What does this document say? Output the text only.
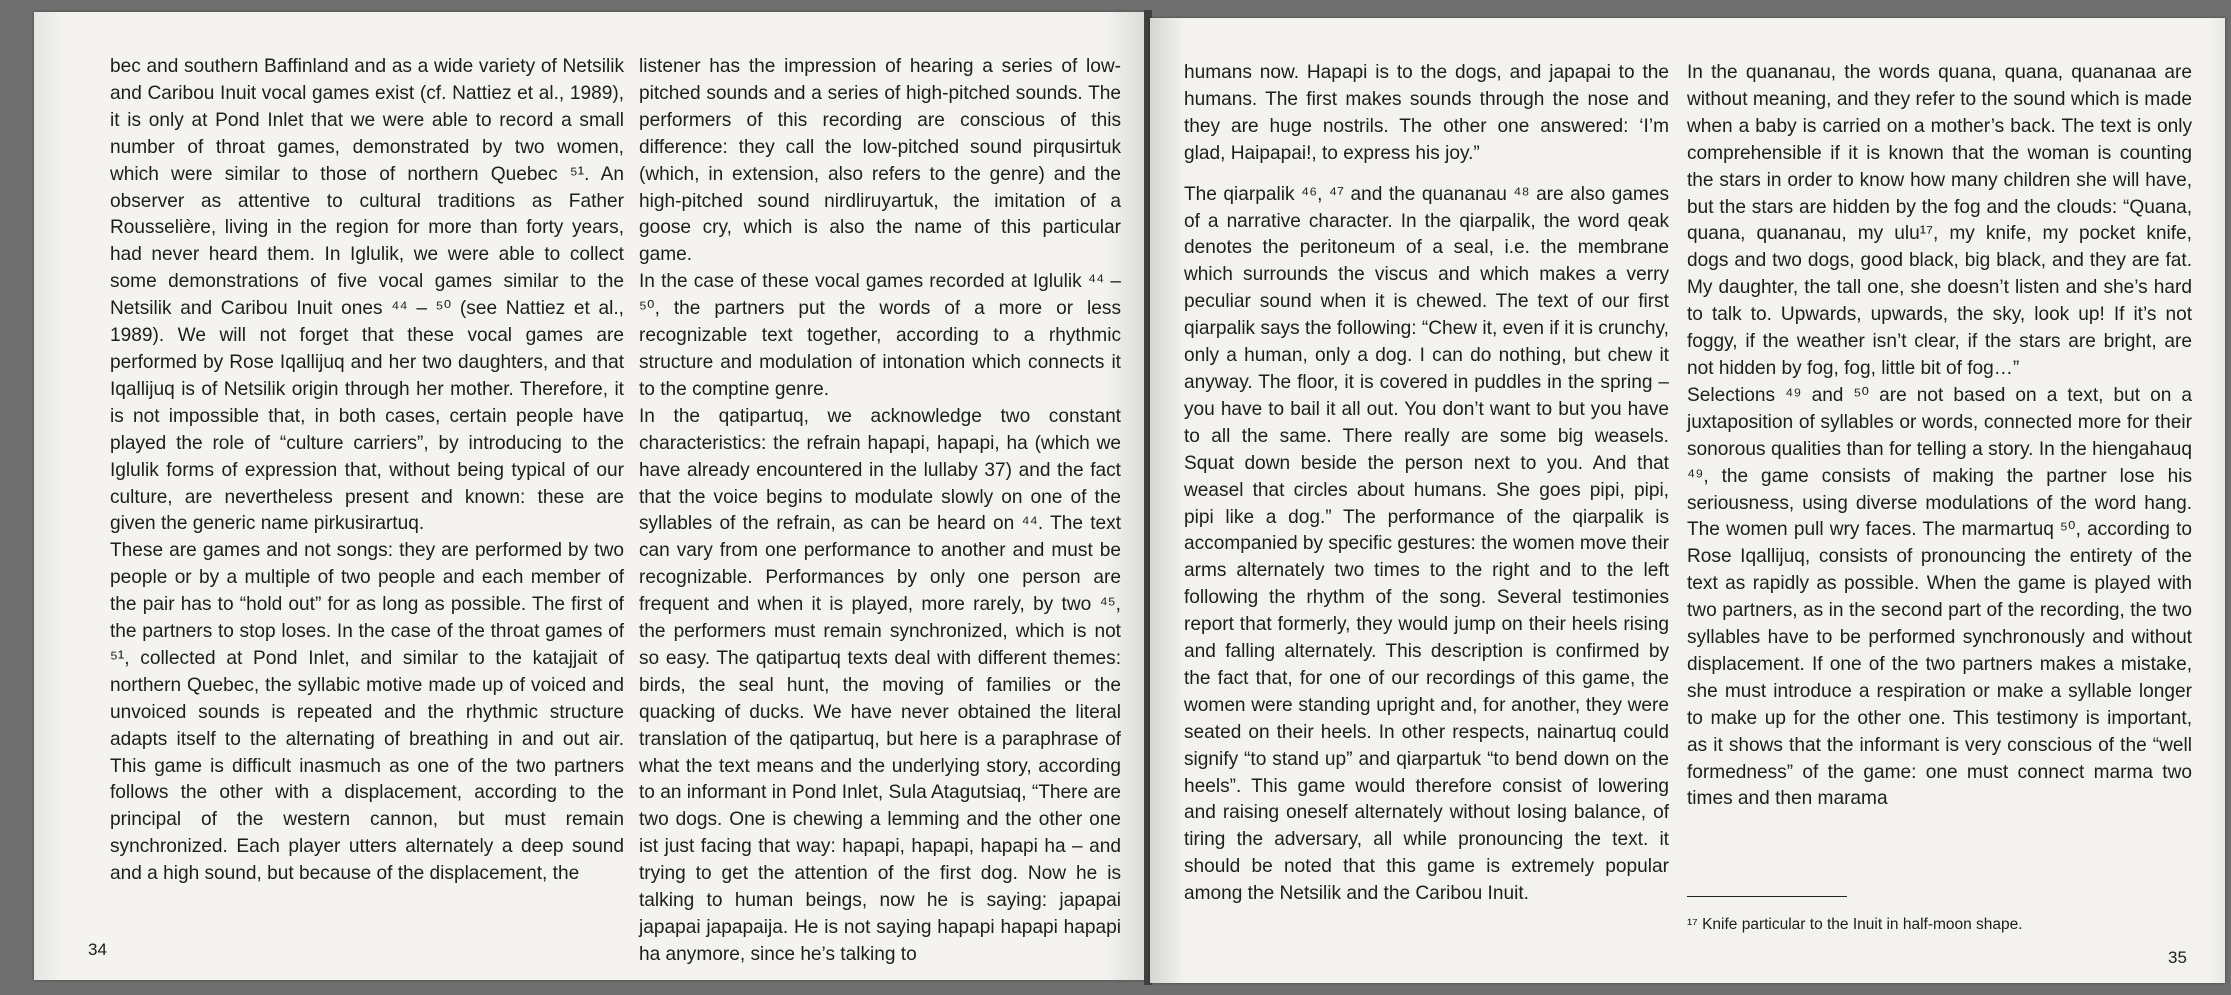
bec and southern Baffinland and as a wide variety of Netsilik and Caribou Inuit vocal games exist (cf. Nattiez et al., 1989), it is only at Pond Inlet that we were able to record a small number of throat games, demonstrated by two women, which were similar to those of northern Quebec ⁵¹. An observer as attentive to cultural traditions as Father Rousselière, living in the region for more than forty years, had never heard them. In Iglulik, we were able to collect some demonstrations of five vocal games similar to the Netsilik and Caribou Inuit ones ⁴⁴ – ⁵⁰ (see Nattiez et al., 1989). We will not forget that these vocal games are performed by Rose Iqallijuq and her two daughters, and that Iqallijuq is of Netsilik origin through her mother. Therefore, it is not impossible that, in both cases, certain people have played the role of “culture carriers”, by introducing to the Iglulik forms of expression that, without being typical of our culture, are nevertheless present and known: these are given the generic name pirkusirartuq.

These are games and not songs: they are performed by two people or by a multiple of two people and each member of the pair has to “hold out” for as long as possible. The first of the partners to stop loses. In the case of the throat games of ⁵¹, collected at Pond Inlet, and similar to the katajjait of northern Quebec, the syllabic motive made up of voiced and unvoiced sounds is repeated and the rhythmic structure adapts itself to the alternating of breathing in and out air. This game is difficult inasmuch as one of the two partners follows the other with a displacement, according to the principal of the western cannon, but must remain synchronized. Each player utters alternately a deep sound and a high sound, but because of the displacement, the

listener has the impression of hearing a series of low-pitched sounds and a series of high-pitched sounds. The performers of this recording are conscious of this difference: they call the low-pitched sound pirqusirtuk (which, in extension, also refers to the genre) and the high-pitched sound nirdliruyartuk, the imitation of a goose cry, which is also the name of this particular game.

In the case of these vocal games recorded at Iglulik ⁴⁴ – ⁵⁰, the partners put the words of a more or less recognizable text together, according to a rhythmic structure and modulation of intonation which connects it to the comptine genre.

In the qatipartuq, we acknowledge two constant characteristics: the refrain hapapi, hapapi, ha (which we have already encountered in the lullaby 37) and the fact that the voice begins to modulate slowly on one of the syllables of the refrain, as can be heard on ⁴⁴. The text can vary from one performance to another and must be recognizable. Performances by only one person are frequent and when it is played, more rarely, by two ⁴⁵, the performers must remain synchronized, which is not so easy. The qatipartuq texts deal with different themes: birds, the seal hunt, the moving of families or the quacking of ducks. We have never obtained the literal translation of the qatipartuq, but here is a paraphrase of what the text means and the underlying story, according to an informant in Pond Inlet, Sula Atagutsiaq, “There are two dogs. One is chewing a lemming and the other one ist just facing that way: hapapi, hapapi, hapapi ha – and trying to get the attention of the first dog. Now he is talking to human beings, now he is saying: japapai japapai japapaija. He is not saying hapapi hapapi hapapi ha anymore, since he’s talking to

34

humans now. Hapapi is to the dogs, and japapai to the humans. The first makes sounds through the nose and they are huge nostrils. The other one answered: ‘I’m glad, Haipapai!, to express his joy.”

The qiarpalik ⁴⁶, ⁴⁷ and the quananau ⁴⁸ are also games of a narrative character. In the qiarpalik, the word qeak denotes the peritoneum of a seal, i.e. the membrane which surrounds the viscus and which makes a verry peculiar sound when it is chewed. The text of our first qiarpalik says the following: “Chew it, even if it is crunchy, only a human, only a dog. I can do nothing, but chew it anyway. The floor, it is covered in puddles in the spring – you have to bail it all out. You don’t want to but you have to all the same. There really are some big weasels. Squat down beside the person next to you. And that weasel that circles about humans. She goes pipi, pipi, pipi like a dog.” The performance of the qiarpalik is accompanied by specific gestures: the women move their arms alternately two times to the right and to the left following the rhythm of the song. Several testimonies report that formerly, they would jump on their heels rising and falling alternately. This description is confirmed by the fact that, for one of our recordings of this game, the women were standing upright and, for another, they were seated on their heels. In other respects, nainartuq could signify “to stand up” and qiarpartuk “to bend down on the heels”. This game would therefore consist of lowering and raising oneself alternately without losing balance, of tiring the adversary, all while pronouncing the text. it should be noted that this game is extremely popular among the Netsilik and the Caribou Inuit.

In the quananau, the words quana, quana, quananaa are without meaning, and they refer to the sound which is made when a baby is carried on a mother’s back. The text is only comprehensible if it is known that the woman is counting the stars in order to know how many children she will have, but the stars are hidden by the fog and the clouds: “Quana, quana, quananau, my ulu¹⁷, my knife, my pocket knife, dogs and two dogs, good black, big black, and they are fat. My daughter, the tall one, she doesn’t listen and she’s hard to talk to. Upwards, upwards, the sky, look up! If it’s not foggy, if the weather isn’t clear, if the stars are bright, are not hidden by fog, fog, little bit of fog…”

Selections ⁴⁹ and ⁵⁰ are not based on a text, but on a juxtaposition of syllables or words, connected more for their sonorous qualities than for telling a story. In the hiengahauq ⁴⁹, the game consists of making the partner lose his seriousness, using diverse modulations of the word hang. The women pull wry faces. The marmartuq ⁵⁰, according to Rose Iqallijuq, consists of pronouncing the entirety of the text as rapidly as possible. When the game is played with two partners, as in the second part of the recording, the two syllables have to be performed synchronously and without displacement. If one of the two partners makes a mistake, she must introduce a respiration or make a syllable longer to make up for the other one. This testimony is important, as it shows that the informant is very conscious of the “well formedness” of the game: one must connect marma two times and then marama

¹⁷ Knife particular to the Inuit in half-moon shape.
35
